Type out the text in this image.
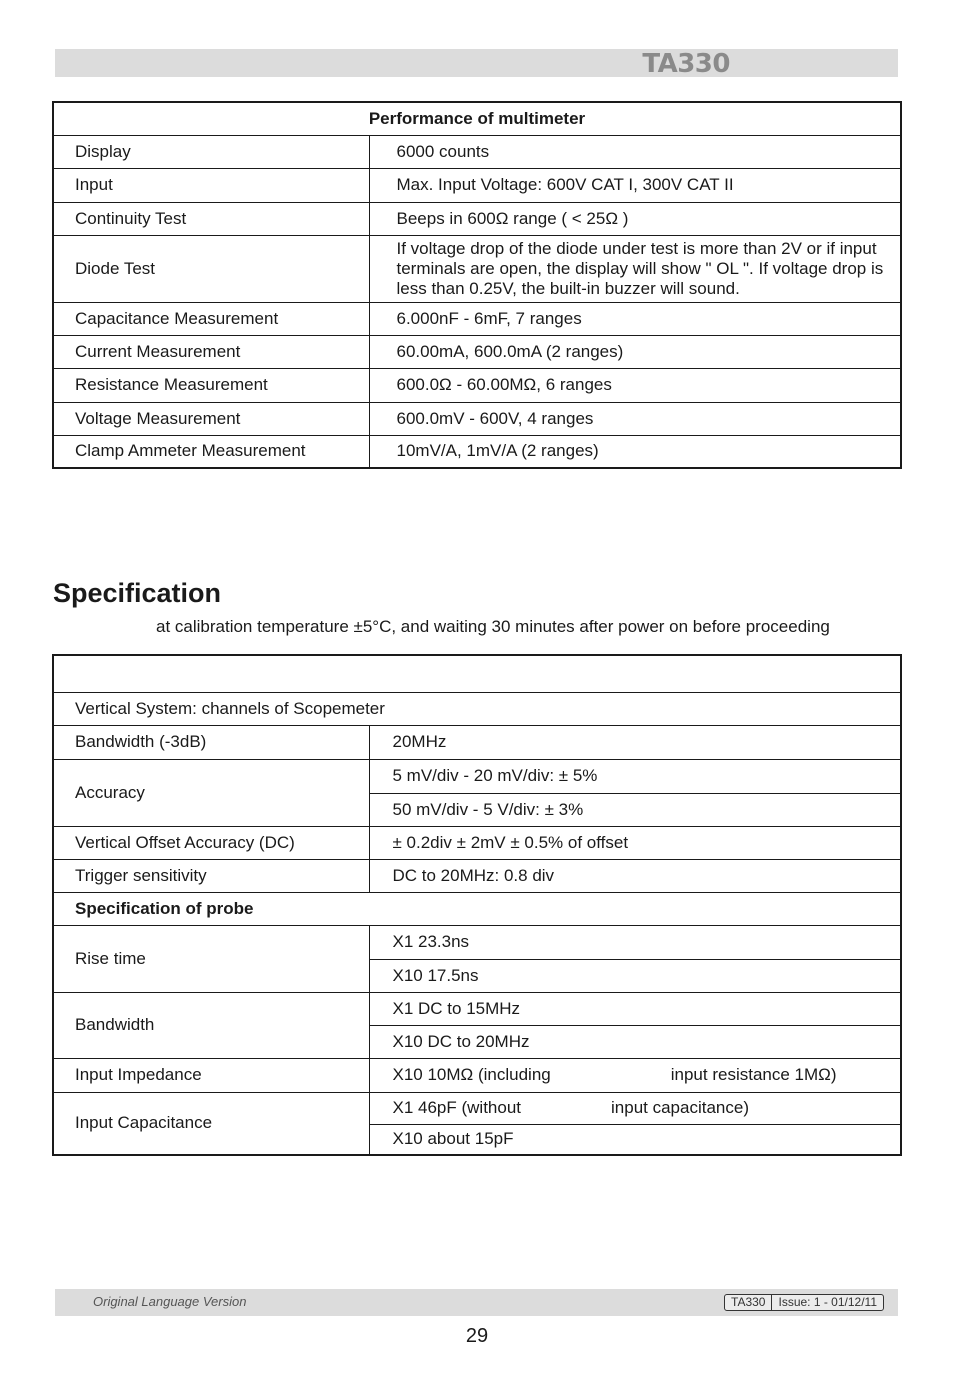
TA330
Performance of multimeter	
Display	6000 counts
Input	Max. Input Voltage: 600V CAT I, 300V CAT II
Continuity Test	Beeps in 600Ω range ( < 25Ω )
Diode Test	If voltage drop of the diode under test is more than 2V or if input terminals are open, the display will show " OL ". If voltage drop is less than 0.25V, the built-in buzzer will sound.
Capacitance Measurement	6.000nF - 6mF, 7 ranges
Current Measurement	60.00mA, 600.0mA (2 ranges)
Resistance Measurement	600.0Ω - 60.00MΩ, 6 ranges
Voltage Measurement	600.0mV - 600V, 4 ranges
Clamp Ammeter Measurement	10mV/A, 1mV/A (2 ranges)
Specification
at calibration temperature ±5°C, and waiting 30 minutes after power on before proceeding

Vertical System: channels of Scopemeter	
Bandwidth (-3dB)	20MHz
Accuracy	5 mV/div - 20 mV/div: ± 5%
	50 mV/div - 5 V/div: ± 3%
Vertical Offset Accuracy (DC)	± 0.2div ± 2mV ± 0.5% of offset
Trigger sensitivity	DC to 20MHz: 0.8 div
Specification of probe	
Rise time	X1 23.3ns
	X10 17.5ns
Bandwidth	X1 DC to 15MHz
	X10 DC to 20MHz
Input Impedance	X10 10MΩ (including input resistance 1MΩ)
Input Capacitance	X1 46pF (without input capacitance)
	X10 about 15pF
Original Language Version	TA330	Issue: 1 - 01/12/11
29
